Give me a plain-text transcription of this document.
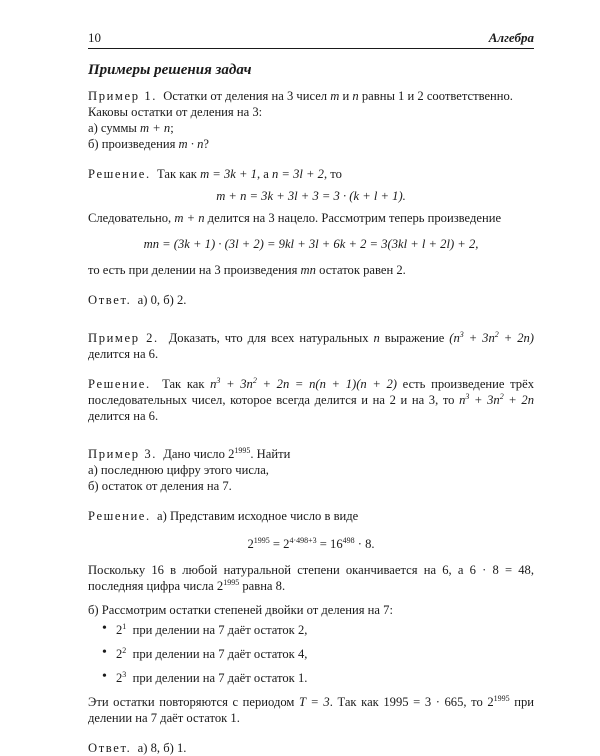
10	Алгебра
Примеры решения задач

Пример 1. Остатки от деления на 3 чисел m и n равны 1 и 2 соответственно.

Каковы остатки от деления на 3:

а) суммы m + n;

б) произведения m · n?

Решение. Так как m = 3k + 1, а n = 3l + 2, то

m + n = 3k + 3l + 3 = 3 · (k + l + 1).

Следовательно, m + n делится на 3 нацело. Рассмотрим теперь произведение

mn = (3k + 1) · (3l + 2) = 9kl + 3l + 6k + 2 = 3(3kl + l + 2l) + 2,

то есть при делении на 3 произведения mn остаток равен 2.

Ответ. а) 0, б) 2.

Пример 2. Доказать, что для всех натуральных n выражение $(n^3 + 3n^2 + 2n)$ делится на 6.

Решение. Так как $n^3 + 3n^2 + 2n = n(n + 1)(n + 2)$ есть произведение трёх последовательных чисел, которое всегда делится и на 2 и на 3, то $n^3 + 3n^2 + 2n$ делится на 6.

Пример 3. Дано число $2^{1995}$. Найти

а) последнюю цифру этого числа,

б) остаток от деления на 7.

Решение. а) Представим исходное число в виде

$2^{1995} = 2^{4\cdot 498+3} = 16^{498} \cdot 8$.

Поскольку 16 в любой натуральной степени оканчивается на 6, а 6 · 8 = 48, последняя цифра числа $2^{1995}$ равна 8.

б) Рассмотрим остатки степеней двойки от деления на 7:

• $2^1$ при делении на 7 даёт остаток 2,
• $2^2$ при делении на 7 даёт остаток 4,
• $2^3$ при делении на 7 даёт остаток 1.

Эти остатки повторяются с периодом T = 3. Так как 1995 = 3 · 665, то $2^{1995}$ при делении на 7 даёт остаток 1.

Ответ. а) 8, б) 1.
